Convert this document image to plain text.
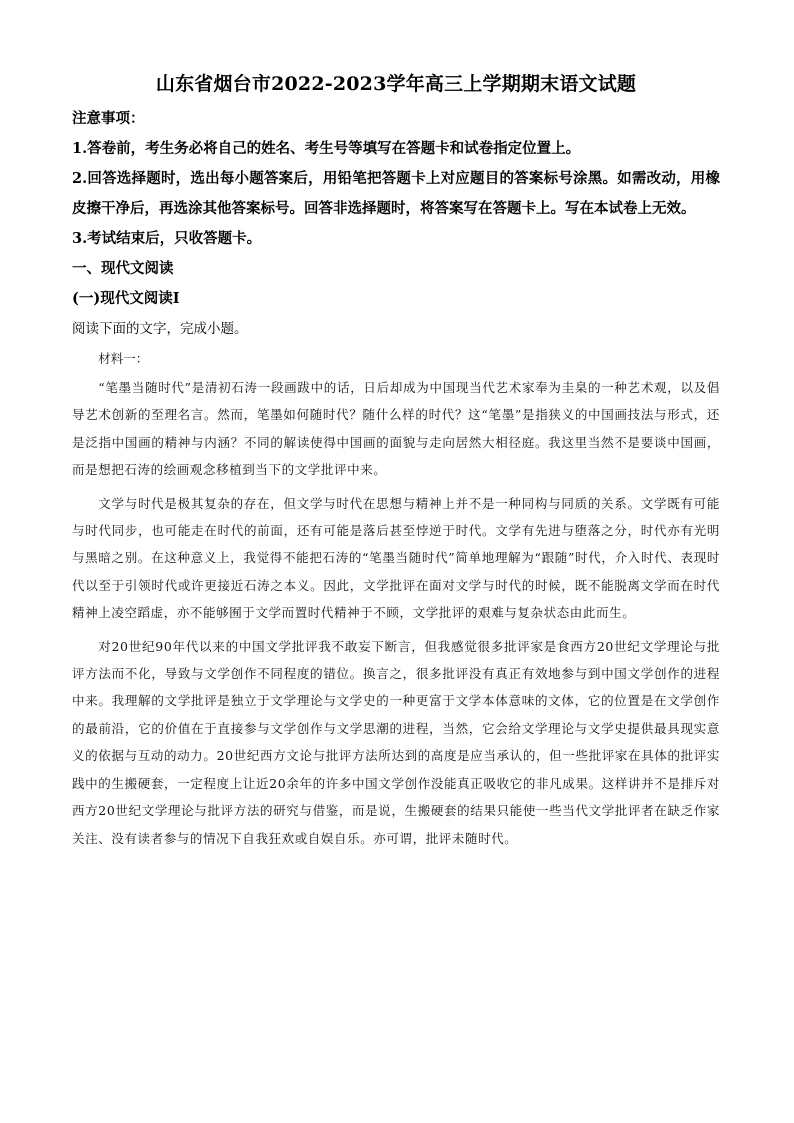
山东省烟台市2022-2023学年高三上学期期末语文试题

注意事项：

1.答卷前，考生务必将自己的姓名、考生号等填写在答题卡和试卷指定位置上。

2.回答选择题时，选出每小题答案后，用铅笔把答题卡上对应题目的答案标号涂黑。如需改动，用橡皮擦干净后，再选涂其他答案标号。回答非选择题时，将答案写在答题卡上。写在本试卷上无效。

3.考试结束后，只收答题卡。

一、现代文阅读

(一)现代文阅读Ⅰ

阅读下面的文字，完成小题。

材料一：

“笔墨当随时代”是清初石涛一段画跋中的话，日后却成为中国现当代艺术家奉为圭臬的一种艺术观，以及倡导艺术创新的至理名言。然而，笔墨如何随时代？随什么样的时代？这“笔墨”是指狭义的中国画技法与形式，还是泛指中国画的精神与内涵？不同的解读使得中国画的面貌与走向居然大相径庭。我这里当然不是要谈中国画，而是想把石涛的绘画观念移植到当下的文学批评中来。

文学与时代是极其复杂的存在，但文学与时代在思想与精神上并不是一种同构与同质的关系。文学既有可能与时代同步，也可能走在时代的前面，还有可能是落后甚至悖逆于时代。文学有先进与堕落之分，时代亦有光明与黑暗之别。在这种意义上，我觉得不能把石涛的“笔墨当随时代”简单地理解为“跟随”时代，介入时代、表现时代以至于引领时代或许更接近石涛之本义。因此，文学批评在面对文学与时代的时候，既不能脱离文学而在时代精神上凌空蹈虚，亦不能够囿于文学而置时代精神于不顾，文学批评的艰难与复杂状态由此而生。

对20世纪90年代以来的中国文学批评我不敢妄下断言，但我感觉很多批评家是食西方20世纪文学理论与批评方法而不化，导致与文学创作不同程度的错位。换言之，很多批评没有真正有效地参与到中国文学创作的进程中来。我理解的文学批评是独立于文学理论与文学史的一种更富于文学本体意味的文体，它的位置是在文学创作的最前沿，它的价值在于直接参与文学创作与文学思潮的进程，当然，它会给文学理论与文学史提供最具现实意义的依据与互动的动力。20世纪西方文论与批评方法所达到的高度是应当承认的，但一些批评家在具体的批评实践中的生搬硬套，一定程度上让近20余年的许多中国文学创作没能真正吸收它的非凡成果。这样讲并不是排斥对西方20世纪文学理论与批评方法的研究与借鉴，而是说，生搬硬套的结果只能使一些当代文学批评者在缺乏作家关注、没有读者参与的情况下自我狂欢或自娱自乐。亦可谓，批评未随时代。
